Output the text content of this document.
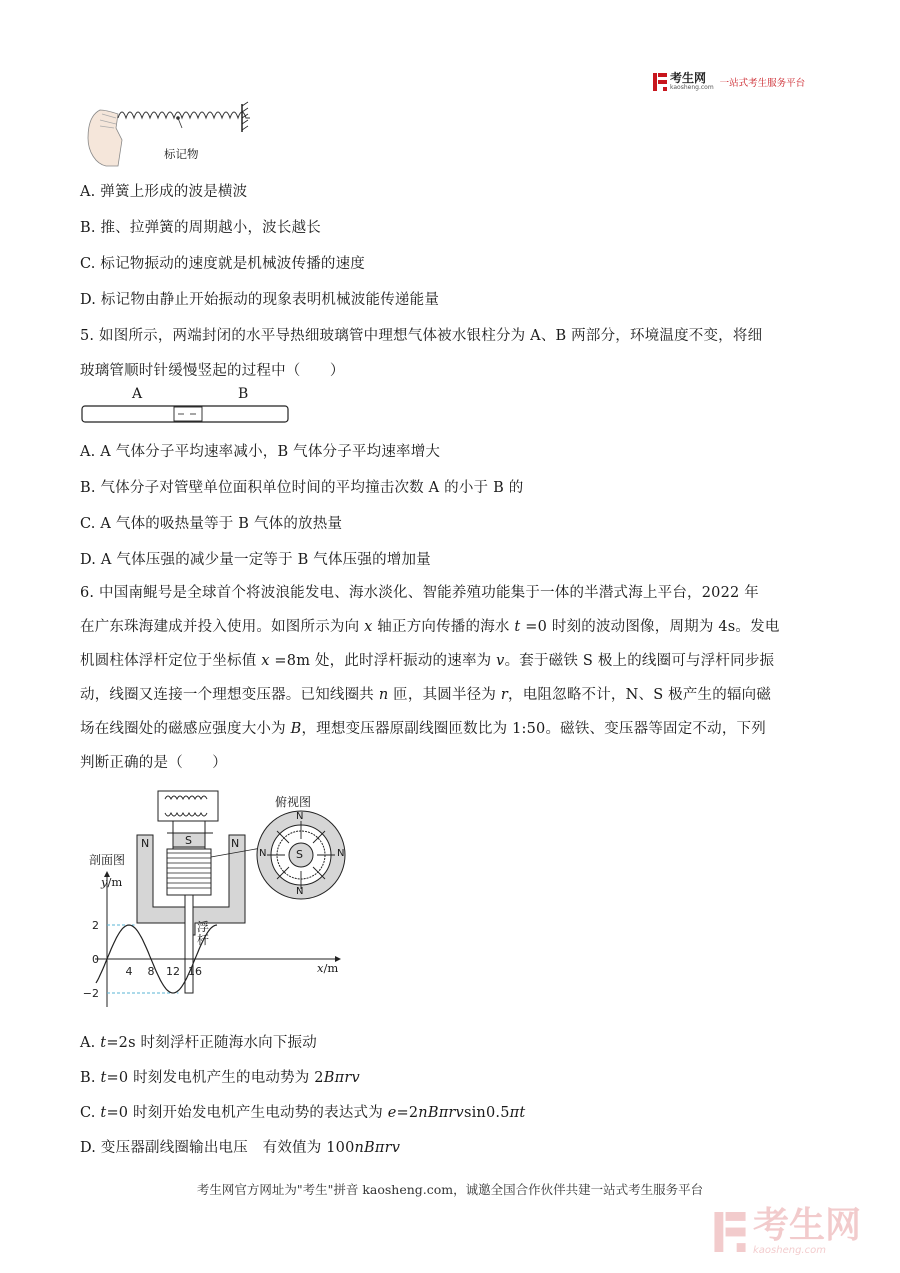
考生网
kaosheng.com 一站式考生服务平台
标记物
A. 弹簧上形成的波是横波
B. 推、拉弹簧的周期越小，波长越长
C. 标记物振动的速度就是机械波传播的速度
D. 标记物由静止开始振动的现象表明机械波能传递能量
5. 如图所示，两端封闭的水平导热细玻璃管中理想气体被水银柱分为 A、B 两部分，环境温度不变，将细
玻璃管顺时针缓慢竖起的过程中（　　）
A	B
A. A 气体分子平均速率减小，B 气体分子平均速率增大
B. 气体分子对管壁单位面积单位时间的平均撞击次数 A 的小于 B 的
C. A 气体的吸热量等于 B 气体的放热量
D. A 气体压强的减少量一定等于 B 气体压强的增加量
6. 中国南鲲号是全球首个将波浪能发电、海水淡化、智能养殖功能集于一体的半潜式海上平台，2022 年
在广东珠海建成并投入使用。如图所示为向 x 轴正方向传播的海水 t =0 时刻的波动图像，周期为 4s。发电
机圆柱体浮杆定位于坐标值 x =8m 处，此时浮杆振动的速率为 v。套于磁铁 S 极上的线圈可与浮杆同步振
动，线圈又连接一个理想变压器。已知线圈共 n 匝，其圆半径为 r，电阻忽略不计，N、S 极产生的辐向磁
场在线圈处的磁感应强度大小为 B，理想变压器原副线圈匝数比为 1:50。磁铁、变压器等固定不动，下列
判断正确的是（　　）
4 8 12 16
2
0
−2
剖面图
俯视图
N	N
S
S
N
N
N	N
浮
杆
y/m
x/m
A. t=2s 时刻浮杆正随海水向下振动
B. t=0 时刻发电机产生的电动势为 2Bπrv
C. t=0 时刻开始发电机产生电动势的表达式为 e=2nBπrvsin0.5πt
D. 变压器副线圈输出电压　有效值为 100nBπrv
考生网官方网址为"考生"拼音 kaosheng.com，诚邀全国合作伙伴共建一站式考生服务平台
考生网
kaosheng.com
